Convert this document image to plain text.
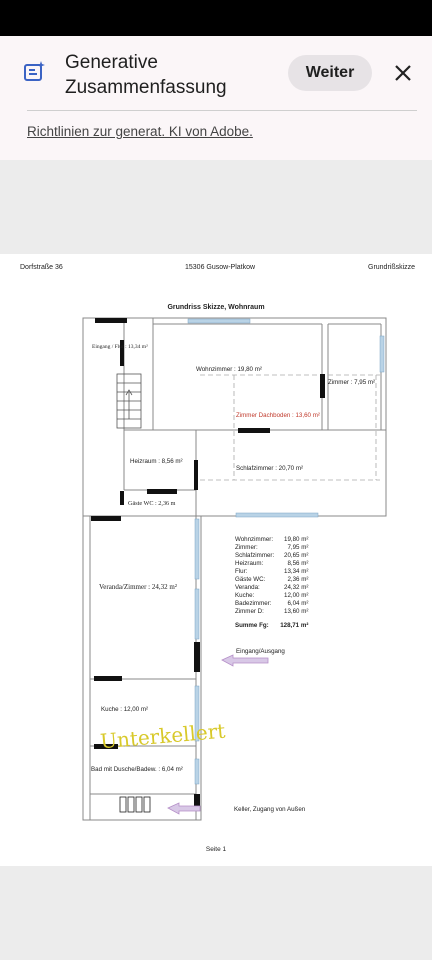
Generative Zusammenfassung
Weiter
Richtlinien zur generat. KI von Adobe.
Dorfstraße 36	15306 Gusow-Platkow	Grundrißskizze
Grundriss Skizze, Wohnraum
Eingang / Flur : 13,34 m²
Wohnzimmer : 19,80 m²
Zimmer : 7,95 m²
Zimmer Dachboden : 13,60 m²
Heizraum : 8,56 m²
Schlafzimmer : 20,70 m²
Gäste WC : 2,36 m
Veranda/Zimmer : 24,32 m²
Kuche : 12,00 m²
Bad mit Dusche/Badew. : 6,04 m²
Unterkellert
Wohnzimmer:	19,80 m²
Zimmer:	7,95 m²
Schlafzimmer:	20,65 m²
Heizraum:	8,56 m²
Flur:	13,34 m²
Gäste WC:	2,36 m²
Veranda:	24,32 m²
Kuche:	12,00 m²
Badezimmer:	6,04 m²
Zimmer D:	13,60 m²

Summe Fg:	128,71 m²
Eingang/Ausgang
Keller, Zugang von Außen
Seite 1
